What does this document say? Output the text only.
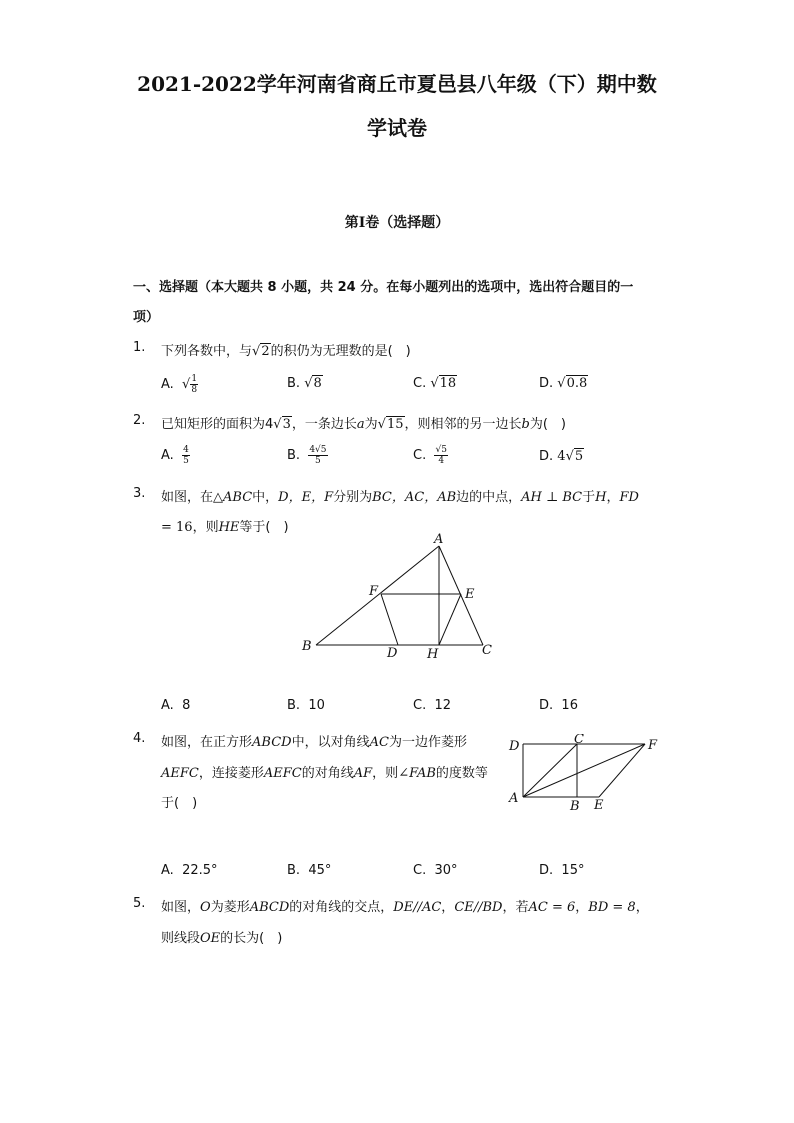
2021-2022学年河南省商丘市夏邑县八年级（下）期中数
学试卷
第I卷（选择题）
一、选择题（本大题共 8 小题，共 24 分。在每小题列出的选项中，选出符合题目的一
项）
1. 下列各数中，与√2的积仍为无理数的是(　)
A.  √ $\frac{1}{8}$	B. √8	C. √18	D. √0.8
2. 已知矩形的面积为4√3，一条边长a为√15，则相邻的另一边长b为(　)
A. $\frac{4}{5}$	B. $\frac{4√5}{5}$	C. $\frac{√5}{4}$	D. 4√5
3. 如图，在△ABC中，D，E，F分别为BC，AC，AB边的中点，AH ⊥ BC于H，FD
= 16，则HE等于(　)
A
B	C
D
E
F
H
A. 8	B. 10	C. 12	D. 16
4. 如图，在正方形ABCD中，以对角线AC为一边作菱形
AEFC，连接菱形AEFC的对角线AF，则∠FAB的度数等
于(　)
D	C	F
A
B E
A. 22.5°	B. 45°	C. 30°	D. 15°
5. 如图，O为菱形ABCD的对角线的交点，DE//AC，CE//BD，若AC = 6，BD = 8，
则线段OE的长为(　)
